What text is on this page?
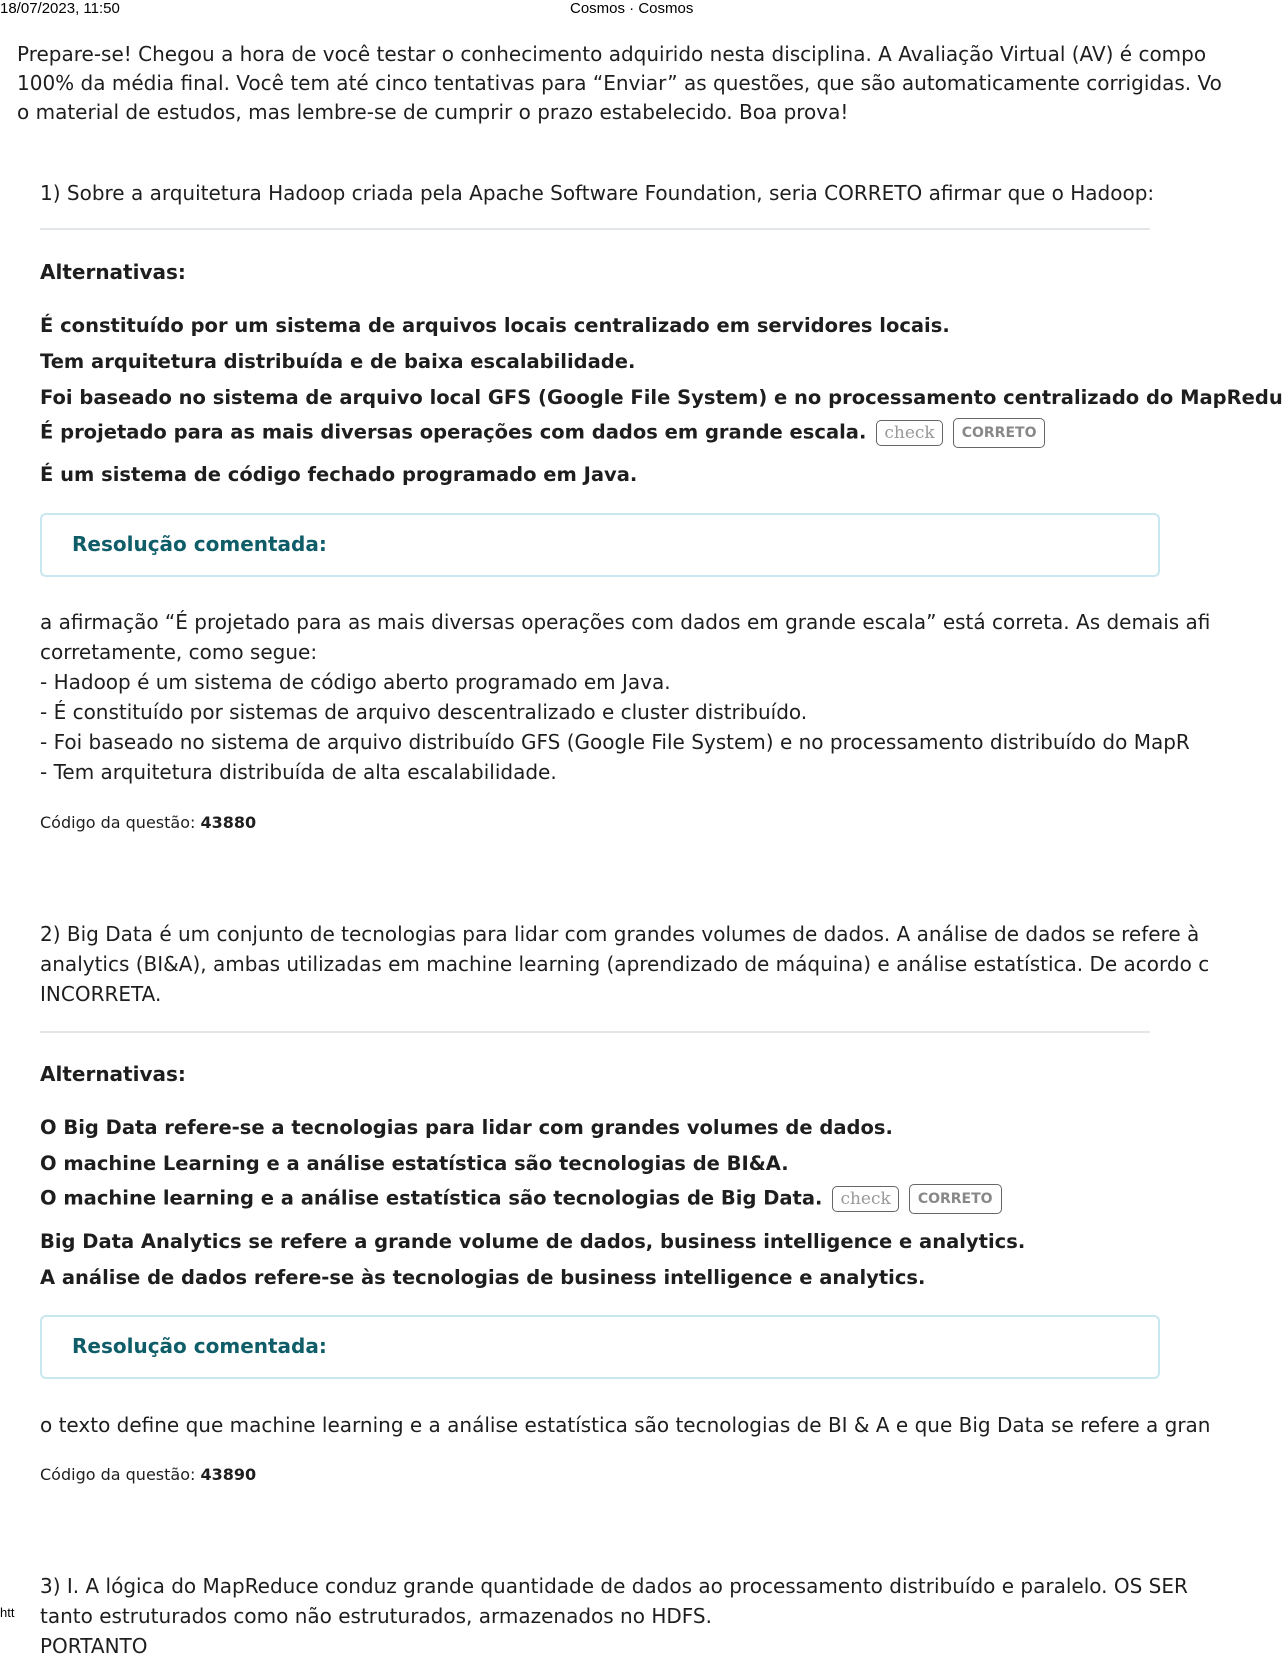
18/07/2023, 11:50	Cosmos · Cosmos
Prepare-se! Chegou a hora de você testar o conhecimento adquirido nesta disciplina. A Avaliação Virtual (AV) é compo
100% da média final. Você tem até cinco tentativas para “Enviar” as questões, que são automaticamente corrigidas. Vo
o material de estudos, mas lembre-se de cumprir o prazo estabelecido. Boa prova!
1) Sobre a arquitetura Hadoop criada pela Apache Software Foundation, seria CORRETO afirmar que o Hadoop:
Alternativas:
É constituído por um sistema de arquivos locais centralizado em servidores locais.
Tem arquitetura distribuída e de baixa escalabilidade.
Foi baseado no sistema de arquivo local GFS (Google File System) e no processamento centralizado do MapRedu
É projetado para as mais diversas operações com dados em grande escala. check CORRETO
É um sistema de código fechado programado em Java.
Resolução comentada:
a afirmação “É projetado para as mais diversas operações com dados em grande escala” está correta. As demais afi
corretamente, como segue:
- Hadoop é um sistema de código aberto programado em Java.
- É constituído por sistemas de arquivo descentralizado e cluster distribuído.
- Foi baseado no sistema de arquivo distribuído GFS (Google File System) e no processamento distribuído do MapR
- Tem arquitetura distribuída de alta escalabilidade.
Código da questão: 43880
2) Big Data é um conjunto de tecnologias para lidar com grandes volumes de dados. A análise de dados se refere à
analytics (BI&A), ambas utilizadas em machine learning (aprendizado de máquina) e análise estatística. De acordo c
INCORRETA.
Alternativas:
O Big Data refere-se a tecnologias para lidar com grandes volumes de dados.
O machine Learning e a análise estatística são tecnologias de BI&A.
O machine learning e a análise estatística são tecnologias de Big Data. check CORRETO
Big Data Analytics se refere a grande volume de dados, business intelligence e analytics.
A análise de dados refere-se às tecnologias de business intelligence e analytics.
Resolução comentada:
o texto define que machine learning e a análise estatística são tecnologias de BI & A e que Big Data se refere a gran
Código da questão: 43890
3) I. A lógica do MapReduce conduz grande quantidade de dados ao processamento distribuído e paralelo. OS SER
tanto estruturados como não estruturados, armazenados no HDFS.
PORTANTO
htt
